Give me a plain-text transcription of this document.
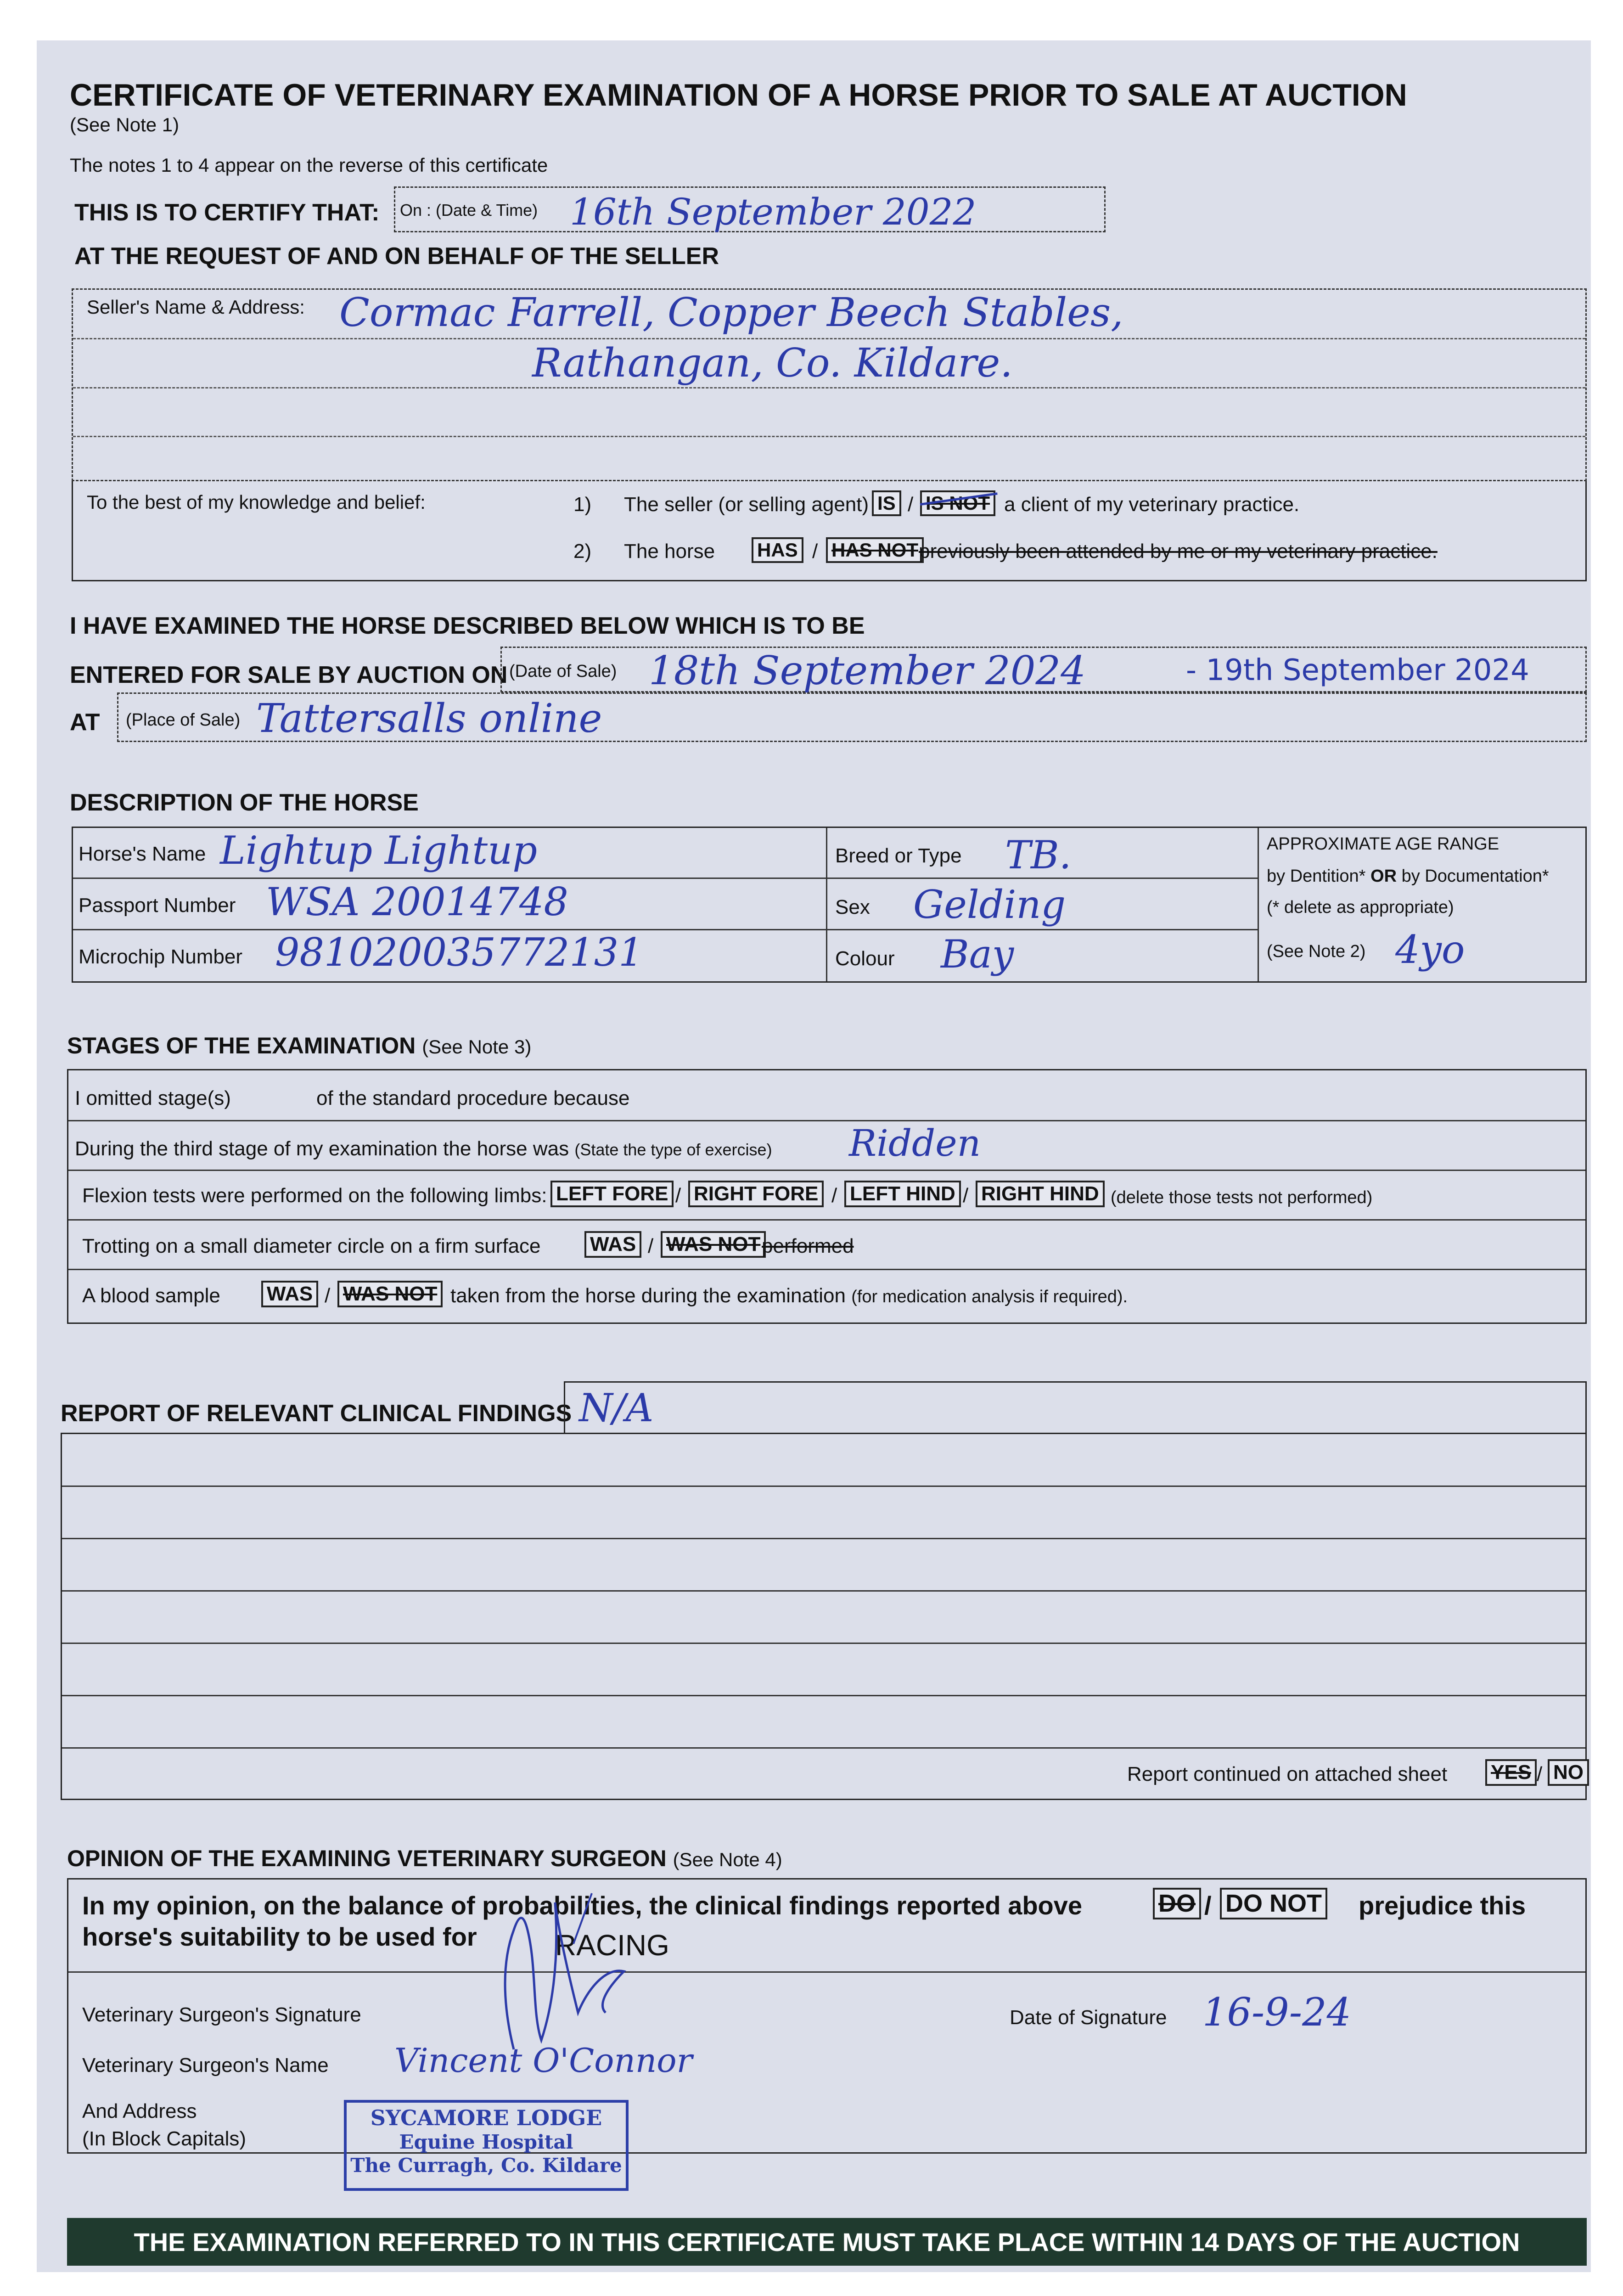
CERTIFICATE OF VETERINARY EXAMINATION OF A HORSE PRIOR TO SALE AT AUCTION
(See Note 1)
The notes 1 to 4 appear on the reverse of this certificate
THIS IS TO CERTIFY THAT: On : (Date & Time) 16th September 2022
AT THE REQUEST OF AND ON BEHALF OF THE SELLER
Seller's Name & Address: Cormac Farrell, Copper Beech Stables,
Rathangan, Co. Kildare.
To the best of my knowledge and belief:	1) The seller (or selling agent) IS / IS NOT a client of my veterinary practice.
2) The horse HAS / HAS NOT previously been attended by me or my veterinary practice.
I HAVE EXAMINED THE HORSE DESCRIBED BELOW WHICH IS TO BE
ENTERED FOR SALE BY AUCTION ON (Date of Sale) 18th September 2024	- 19th September 2024
AT (Place of Sale) Tattersalls online
DESCRIPTION OF THE HORSE
Horse's Name Lightup Lightup
Passport Number WSA 20014748
Microchip Number 981020035772131
Breed or Type TB.
Sex Gelding
Colour Bay
APPROXIMATE AGE RANGE
by Dentition* OR by Documentation*
(* delete as appropriate)
(See Note 2) 4yo
STAGES OF THE EXAMINATION (See Note 3)
I omitted stage(s)	of the standard procedure because
During the third stage of my examination the horse was (State the type of exercise) Ridden
Flexion tests were performed on the following limbs: LEFT FORE / RIGHT FORE / LEFT HIND / RIGHT HIND (delete those tests not performed)
Trotting on a small diameter circle on a firm surface WAS / WAS NOT performed
A blood sample WAS / WAS NOT taken from the horse during the examination (for medication analysis if required).
REPORT OF RELEVANT CLINICAL FINDINGS N/A
Report continued on attached sheet YES / NO
OPINION OF THE EXAMINING VETERINARY SURGEON (See Note 4)
In my opinion, on the balance of probabilities, the clinical findings reported above	DO / DO NOT prejudice this
horse's suitability to be used for	RACING
Veterinary Surgeon's Signature	Date of Signature 16-9-24
Veterinary Surgeon's Name Vincent O'Connor
And Address
(In Block Capitals)
SYCAMORE LODGE
Equine Hospital
The Curragh, Co. Kildare
THE EXAMINATION REFERRED TO IN THIS CERTIFICATE MUST TAKE PLACE WITHIN 14 DAYS OF THE AUCTION
